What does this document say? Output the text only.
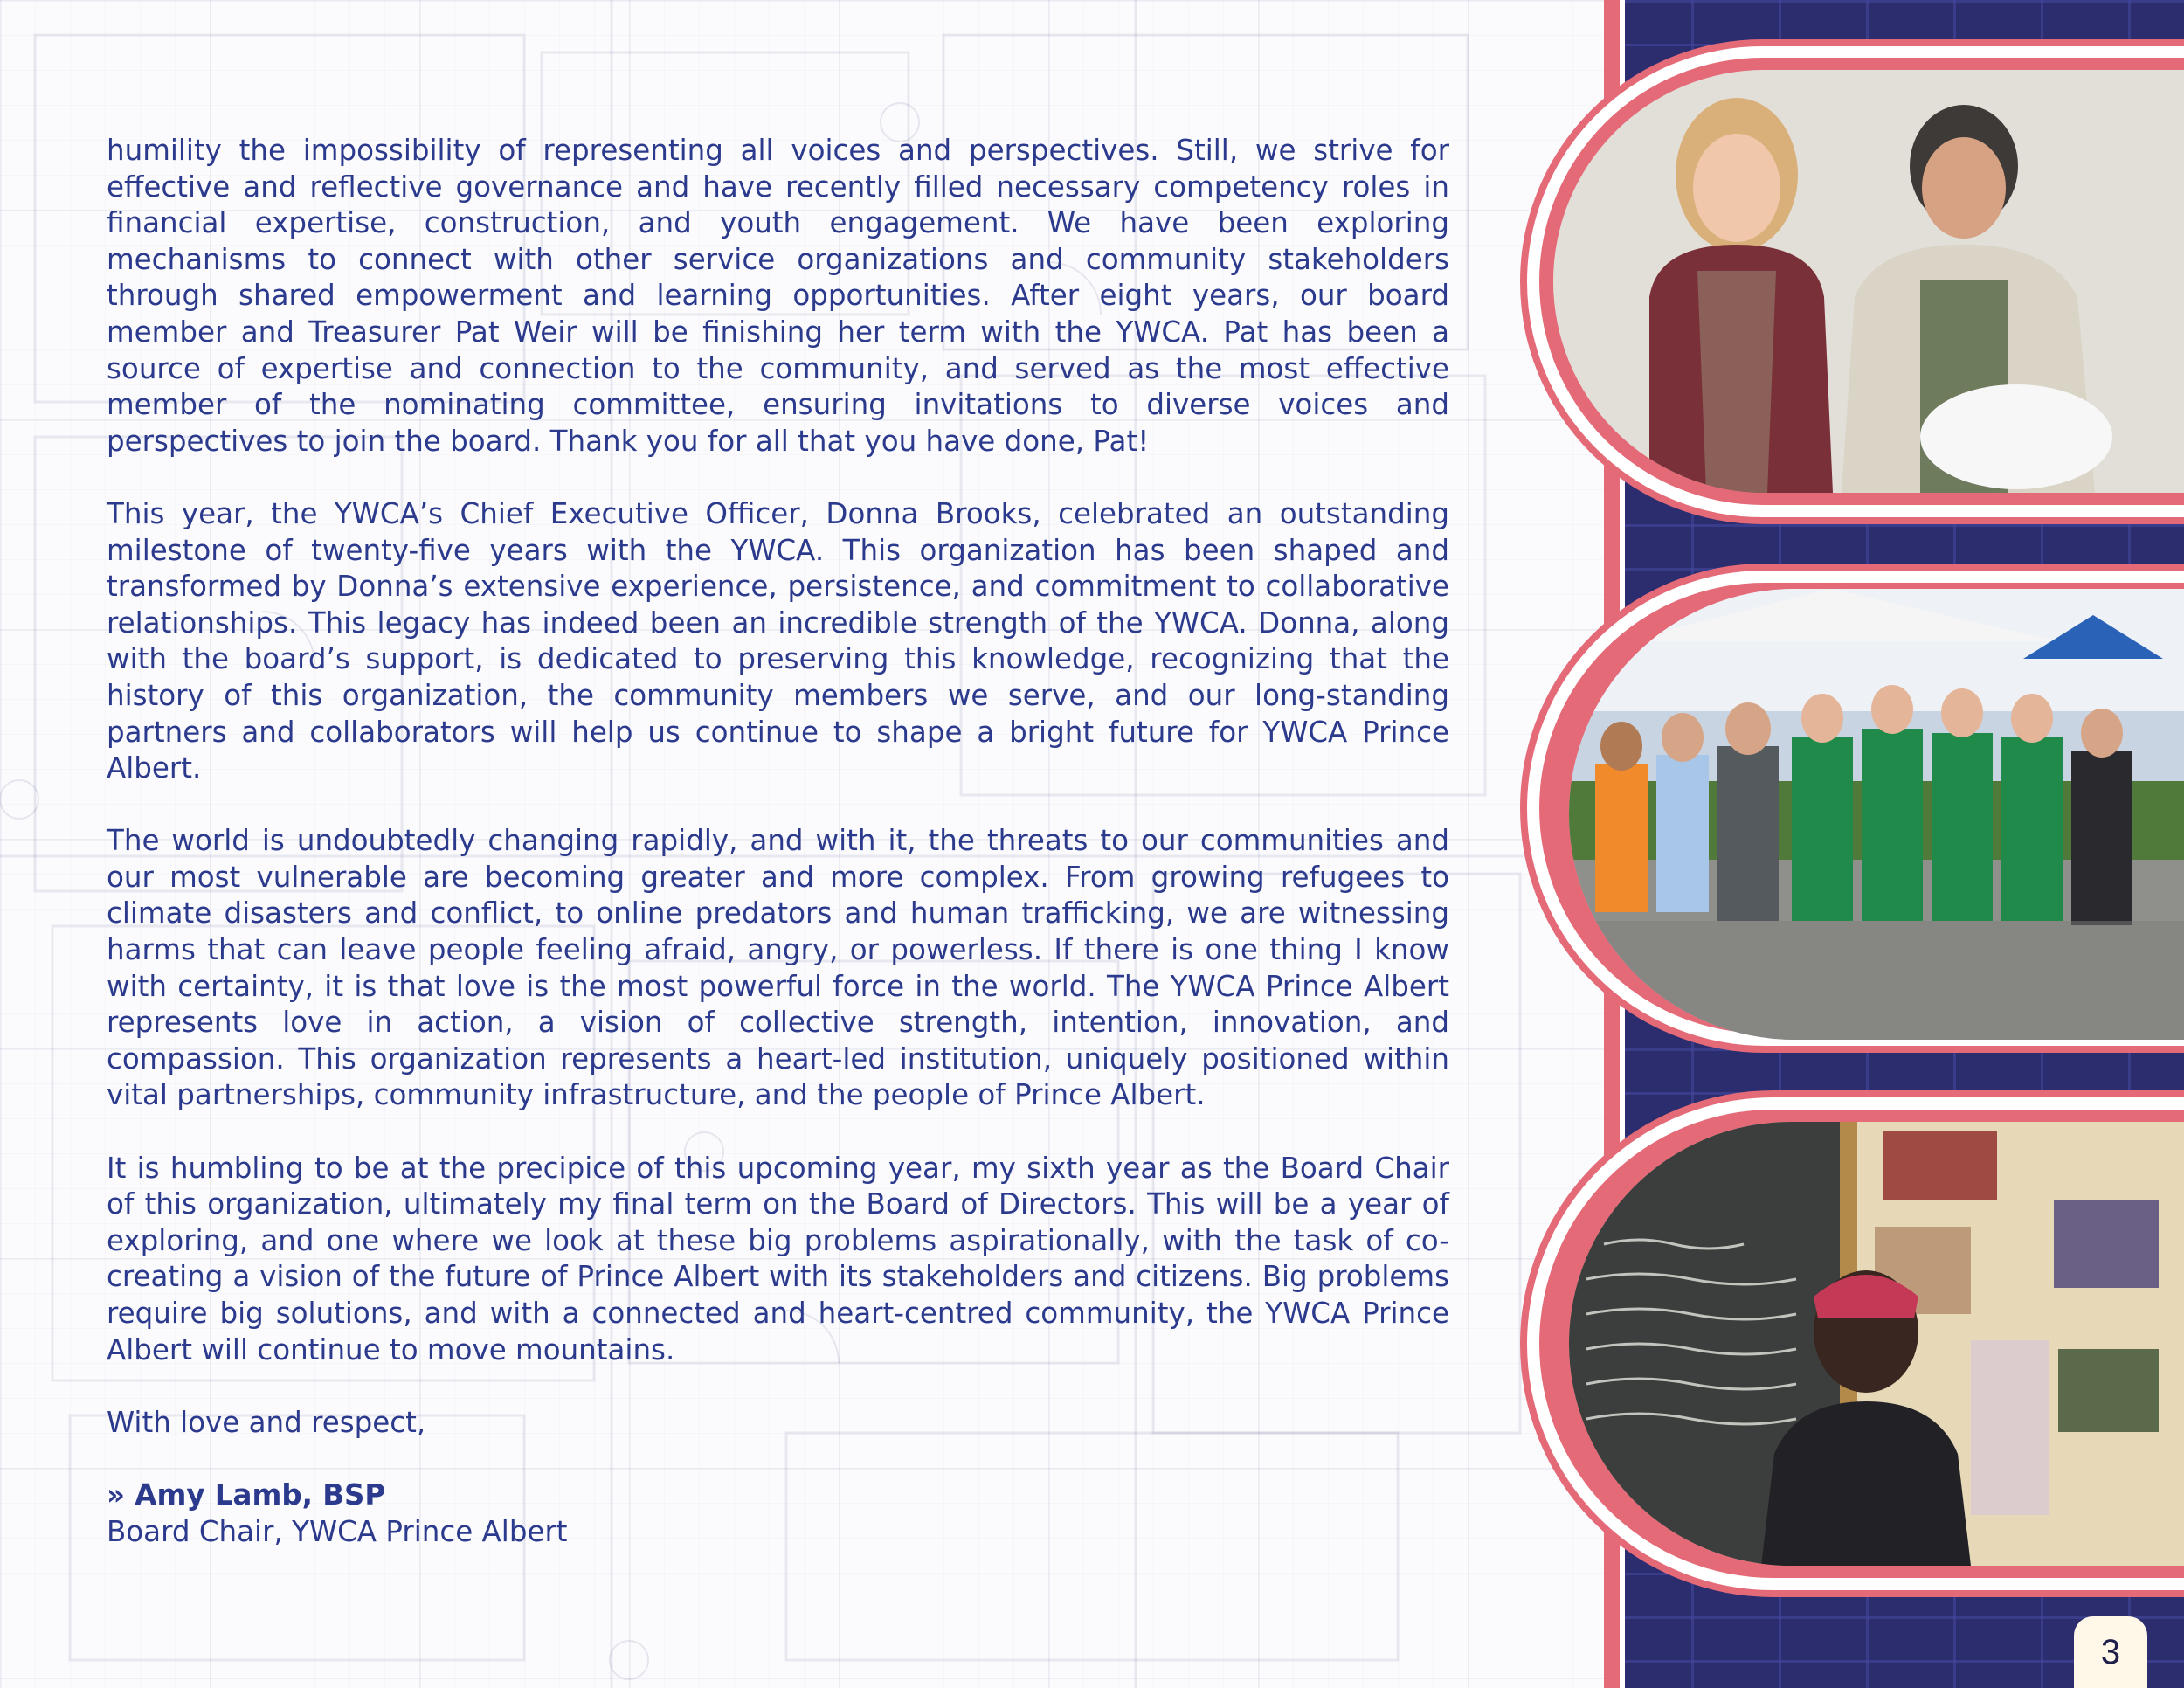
humility the impossibility of representing all voices and perspectives. Still, we strive for effective and reflective governance and have recently filled necessary competency roles in financial expertise, construction, and youth engagement. We have been exploring mechanisms to connect with other service organizations and community stakeholders through shared empowerment and learning opportunities. After eight years, our board member and Treasurer Pat Weir will be finishing her term with the YWCA. Pat has been a source of expertise and connection to the community, and served as the most effective member of the nominating committee, ensuring invitations to diverse voices and perspectives to join the board. Thank you for all that you have done, Pat!

This year, the YWCA’s Chief Executive Officer, Donna Brooks, celebrated an outstanding milestone of twenty-five years with the YWCA. This organization has been shaped and transformed by Donna’s extensive experience, persistence, and commitment to collaborative relationships. This legacy has indeed been an incredible strength of the YWCA. Donna, along with the board’s support, is dedicated to preserving this knowledge, recognizing that the history of this organization, the community members we serve, and our long-standing partners and collaborators will help us continue to shape a bright future for YWCA Prince Albert.

The world is undoubtedly changing rapidly, and with it, the threats to our communities and our most vulnerable are becoming greater and more complex. From growing refugees to climate disasters and conflict, to online predators and human trafficking, we are witnessing harms that can leave people feeling afraid, angry, or powerless. If there is one thing I know with certainty, it is that love is the most powerful force in the world. The YWCA Prince Albert represents love in action, a vision of collective strength, intention, innovation, and compassion. This organization represents a heart-led institution, uniquely positioned within vital partnerships, community infrastructure, and the people of Prince Albert.

It is humbling to be at the precipice of this upcoming year, my sixth year as the Board Chair of this organization, ultimately my final term on the Board of Directors. This will be a year of exploring, and one where we look at these big problems aspirationally, with the task of co-creating a vision of the future of Prince Albert with its stakeholders and citizens. Big problems require big solutions, and with a connected and heart-centred community, the YWCA Prince Albert will continue to move mountains.

With love and respect,

» Amy Lamb, BSP
Board Chair, YWCA Prince Albert
3
